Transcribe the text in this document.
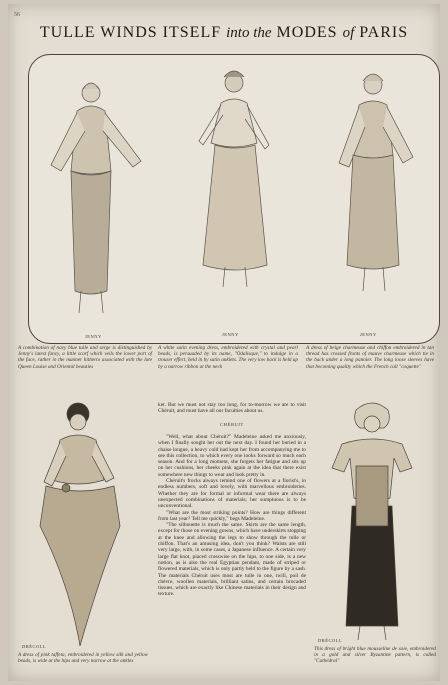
56
TULLE WINDS ITSELF into the MODES of PARIS
JENNY	JENNY	JENNY
A combination of navy blue tulle and serge is distinguished by Jenny's latest fancy, a little scarf which veils the lower part of the face, rather in the manner hitherto associated with the late Queen Louise and Oriental beauties
A white satin evening dress, embroidered with crystal and pearl beads, is persuaded by its name, "Odalisque," to indulge in a trouser effect, held in by satin anklets. The very low back is held up by a narrow ribbon at the neck
A dress of beige charmeuse and chiffon embroidered in tan thread has crossed fronts of mauve charmeuse which tie in the back under a long pannier. The long loose sleeves have that becoming quality which the French call "coquette"
DRÉCOLL
A dress of pink taffeta, embroidered in yellow silk and yellow beads, is wide at the hips and very narrow at the ankles
ket. But we must not stay too long, for to-morrow we are to visit Chéruit, and must have all our faculties about us.
CHÉRUIT

"Well, what about Chéruit?" Madeleine asked me anxiously, when I finally sought her out the next day. I found her buried in a chaise longue, a heavy cold had kept her from accompanying me to see this collection, to which every one looks forward so much each season. And for a long moment, she forgets her fatigue and sits up on her cushions, her cheeks pink again at the idea that there exist somewhere new things to wear and look pretty in.

Chéruit's frocks always remind one of flowers at a florist's, in endless numbers, soft and lovely, with marvellous embroideries. Whether they are for formal or informal wear there are always unexpected combinations of materials; her sumptuous is to be unconventional.

"What are the most striking points? How are things different from last year? Tell me quickly," begs Madeleine.

"The silhouette is much the same. Skirts are the same length, except for those on evening gowns, which have underskirts stopping at the knee and allowing the legs to show through the tulle or chiffon. That's an amusing idea, don't you think? Waists are still very large, with, in some cases, a Japanese influence. A certain very large flat knot, placed crosswise on the hips, to one side, is a new notion, as is also the real Egyptian pendant, made of striped or flowered materials, which is only partly held to the figure by a sash. The materials Chéruit uses most are tulle in one, twill, poil de chèvre, woollen materials, brilliant satins, and certain brocaded tissues, which are exactly like Chinese materials in their design and texture.

DRÉCOLL
This dress of bright blue mousseline de soie, embroidered in a gold and silver Byzantine pattern, is called "Cathédral"
